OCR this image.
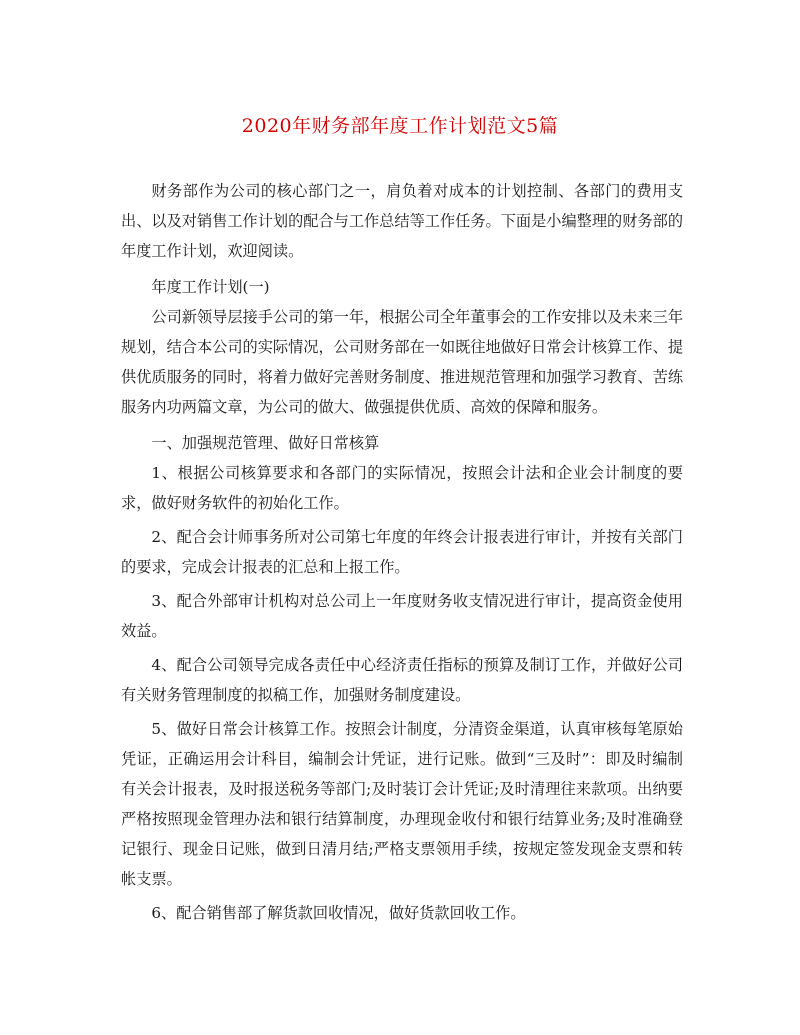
2020年财务部年度工作计划范文5篇

财务部作为公司的核心部门之一，肩负着对成本的计划控制、各部门的费用支出、以及对销售工作计划的配合与工作总结等工作任务。下面是小编整理的财务部的年度工作计划，欢迎阅读。

年度工作计划(一)

公司新领导层接手公司的第一年，根据公司全年董事会的工作安排以及未来三年规划，结合本公司的实际情况，公司财务部在一如既往地做好日常会计核算工作、提供优质服务的同时，将着力做好完善财务制度、推进规范管理和加强学习教育、苦练服务内功两篇文章，为公司的做大、做强提供优质、高效的保障和服务。

一、加强规范管理、做好日常核算

1、根据公司核算要求和各部门的实际情况，按照会计法和企业会计制度的要求，做好财务软件的初始化工作。

2、配合会计师事务所对公司第七年度的年终会计报表进行审计，并按有关部门的要求，完成会计报表的汇总和上报工作。

3、配合外部审计机构对总公司上一年度财务收支情况进行审计，提高资金使用效益。

4、配合公司领导完成各责任中心经济责任指标的预算及制订工作，并做好公司有关财务管理制度的拟稿工作，加强财务制度建设。

5、做好日常会计核算工作。按照会计制度，分清资金渠道，认真审核每笔原始凭证，正确运用会计科目，编制会计凭证，进行记账。做到“三及时”：即及时编制有关会计报表，及时报送税务等部门;及时装订会计凭证;及时清理往来款项。出纳要严格按照现金管理办法和银行结算制度，办理现金收付和银行结算业务;及时准确登记银行、现金日记账，做到日清月结;严格支票领用手续，按规定签发现金支票和转帐支票。

6、配合销售部了解货款回收情况，做好货款回收工作。
